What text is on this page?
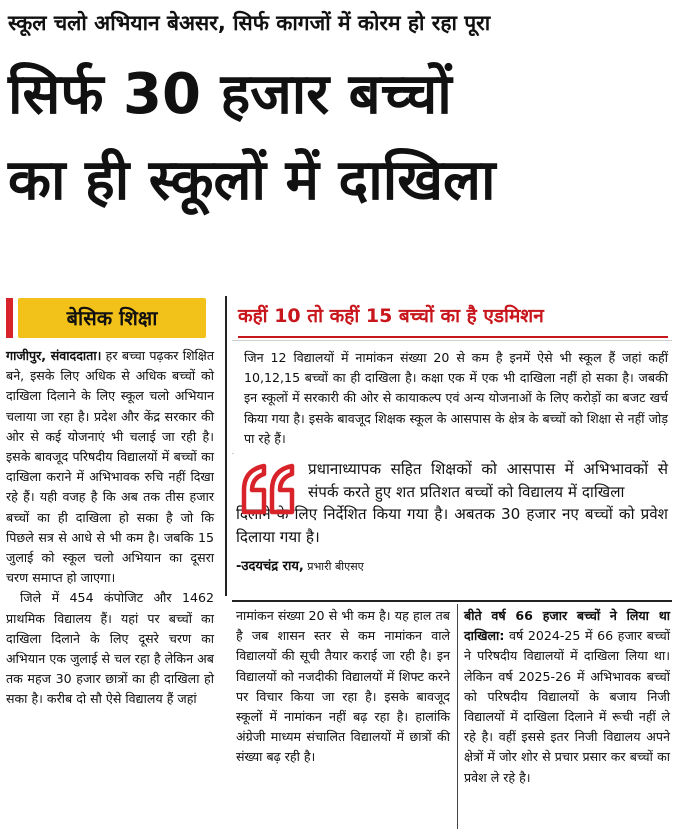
स्कूल चलो अभियान बेअसर, सिर्फ कागजों में कोरम हो रहा पूरा
सिर्फ 30 हजार बच्चों
का ही स्कूलों में दाखिला
बेसिक शिक्षा

गाजीपुर, संवाददाता। हर बच्चा पढ़कर शिक्षित बने, इसके लिए अधिक से अधिक बच्चों को दाखिला दिलाने के लिए स्कूल चलो अभियान चलाया जा रहा है। प्रदेश और केंद्र सरकार की ओर से कई योजनाएं भी चलाई जा रही है। इसके बावजूद परिषदीय विद्यालयों में बच्चों का दाखिला कराने में अभिभावक रुचि नहीं दिखा रहे हैं। यही वजह है कि अब तक तीस हजार बच्चों का ही दाखिला हो सका है जो कि पिछले सत्र से आधे से भी कम है। जबकि 15 जुलाई को स्कूल चलो अभियान का दूसरा चरण समाप्त हो जाएगा।

जिले में 454 कंपोजिट और 1462 प्राथमिक विद्यालय हैं। यहां पर बच्चों का दाखिला दिलाने के लिए दूसरे चरण का अभियान एक जुलाई से चल रहा है लेकिन अब तक महज 30 हजार छात्रों का ही दाखिला हो सका है। करीब दो सौ ऐसे विद्यालय हैं जहां

कहीं 10 तो कहीं 15 बच्चों का है एडमिशन

जिन 12 विद्यालयों में नामांकन संख्या 20 से कम है इनमें ऐसे भी स्कूल हैं जहां कहीं 10,12,15 बच्चों का ही दाखिला है। कक्षा एक में एक भी दाखिला नहीं हो सका है। जबकी इन स्कूलों में सरकारी की ओर से कायाकल्प एवं अन्य योजनाओं के लिए करोड़ों का बजट खर्च किया गया है। इसके बावजूद शिक्षक स्कूल के आसपास के क्षेत्र के बच्चों को शिक्षा से नहीं जोड़ पा रहे हैं।

प्रधानाध्यापक सहित शिक्षकों को आसपास में अभिभावकों से संपर्क करते हुए शत प्रतिशत बच्चों को विद्यालय में दाखिला
दिलाने के लिए निर्देशित किया गया है। अबतक 30 हजार नए बच्चों को प्रवेश दिलाया गया है।

-उदयचंद्र राय, प्रभारी बीएसए

नामांकन संख्या 20 से भी कम है। यह हाल तब है जब शासन स्तर से कम नामांकन वाले विद्यालयों की सूची तैयार कराई जा रही है। इन विद्यालयों को नजदीकी विद्यालयों में शिफ्ट करने पर विचार किया जा रहा है। इसके बावजूद स्कूलों में नामांकन नहीं बढ़ रहा है। हालांकि अंग्रेजी माध्यम संचालित विद्यालयों में छात्रों की संख्या बढ़ रही है।

बीते वर्ष 66 हजार बच्चों ने लिया था दाखिला: वर्ष 2024-25 में 66 हजार बच्चों ने परिषदीय विद्यालयों में दाखिला लिया था। लेकिन वर्ष 2025-26 में अभिभावक बच्चों को परिषदीय विद्यालयों के बजाय निजी विद्यालयों में दाखिला दिलाने में रूची नहीं ले रहे है। वहीं इससे इतर निजी विद्यालय अपने क्षेत्रों में जोर शोर से प्रचार प्रसार कर बच्चों का प्रवेश ले रहे है।
